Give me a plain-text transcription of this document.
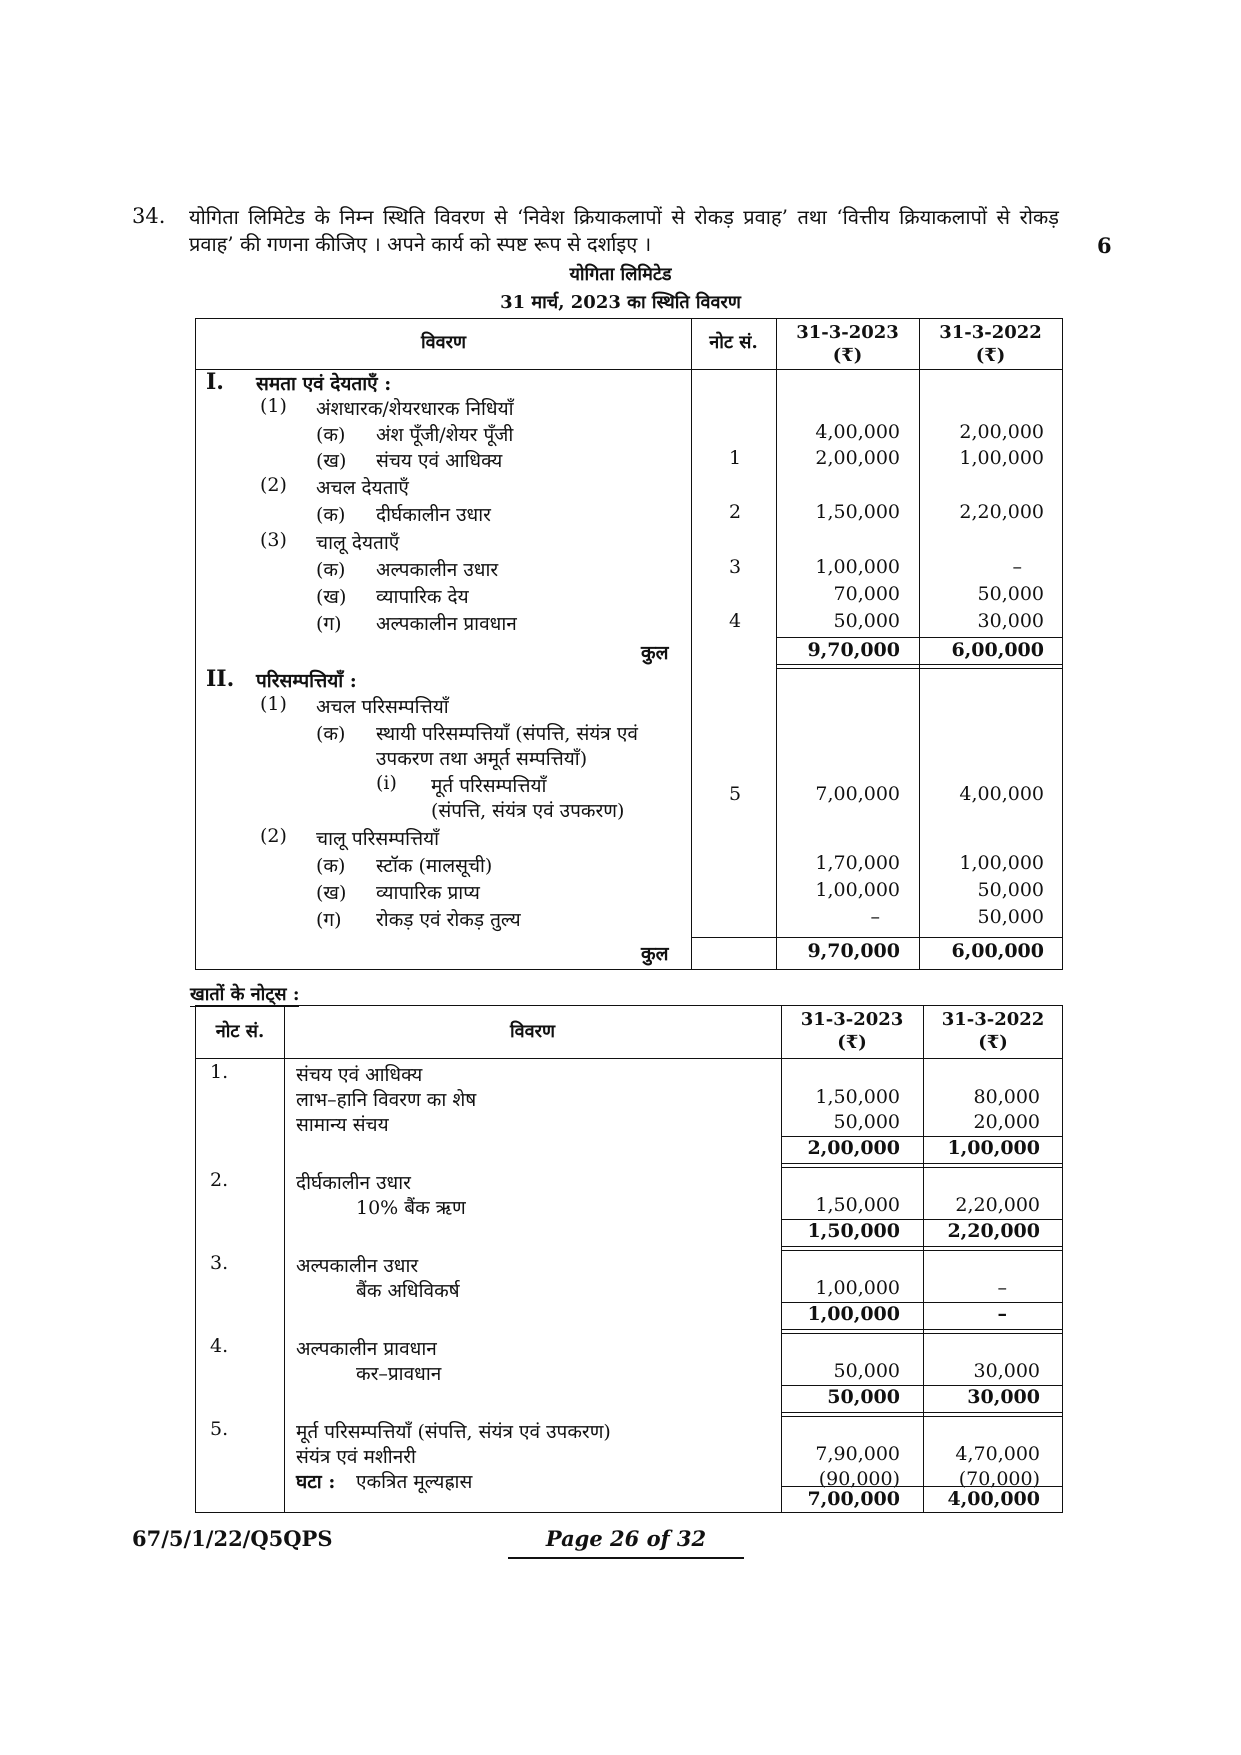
34. योगिता लिमिटेड के निम्न स्थिति विवरण से ‘निवेश क्रियाकलापों से रोकड़ प्रवाह’ तथा ‘वित्तीय क्रियाकलापों से रोकड़ प्रवाह’ की गणना कीजिए । अपने कार्य को स्पष्ट रूप से दर्शाइए ।	6
योगिता लिमिटेड
31 मार्च, 2023 का स्थिति विवरण
विवरण	नोट सं.	31-3-2023
(₹)
31-3-2022
(₹)
I. समता एवं देयताएँ :
(1) अंशधारक/शेयरधारक निधियाँ
(क) अंश पूँजी/शेयर पूँजी	4,00,000	2,00,000
(ख) संचय एवं आधिक्य	1	2,00,000	1,00,000
(2) अचल देयताएँ
(क) दीर्घकालीन उधार	2	1,50,000	2,20,000
(3) चालू देयताएँ
(क) अल्पकालीन उधार	3	1,00,000	–
(ख) व्यापारिक देय	70,000	50,000
(ग) अल्पकालीन प्रावधान	4	50,000	30,000
कुल	9,70,000	6,00,000
II. परिसम्पत्तियाँ :
(1) अचल परिसम्पत्तियाँ
(क) स्थायी परिसम्पत्तियाँ (संपत्ति, संयंत्र एवं
उपकरण तथा अमूर्त सम्पत्तियाँ)
(i) मूर्त परिसम्पत्तियाँ
(संपत्ति, संयंत्र एवं उपकरण)
5	7,00,000	4,00,000
(2) चालू परिसम्पत्तियाँ
(क) स्टॉक (मालसूची)	1,70,000	1,00,000
(ख) व्यापारिक प्राप्य	1,00,000	50,000
(ग) रोकड़ एवं रोकड़ तुल्य	–	50,000
कुल	9,70,000	6,00,000
खातों के नोट्स :
नोट सं.	विवरण
31-3-2023
(₹)
31-3-2022
(₹)
1.	संचय एवं आधिक्य
लाभ–हानि विवरण का शेष	1,50,000	80,000
सामान्य संचय	50,000	20,000
2,00,000 1,00,000
2.	दीर्घकालीन उधार
10% बैंक ऋण	1,50,000	2,20,000
1,50,000 2,20,000
3.	अल्पकालीन उधार
बैंक अधिविकर्ष	1,00,000	–
1,00,000	–
4.	अल्पकालीन प्रावधान
कर–प्रावधान	50,000	30,000
50,000	30,000
5.	मूर्त परिसम्पत्तियाँ (संपत्ति, संयंत्र एवं उपकरण)
संयंत्र एवं मशीनरी	7,90,000	4,70,000
घटा : एकत्रित मूल्यह्रास	(90,000)	(70,000)
7,00,000 4,00,000
67/5/1/22/Q5QPS	Page 26 of 32
